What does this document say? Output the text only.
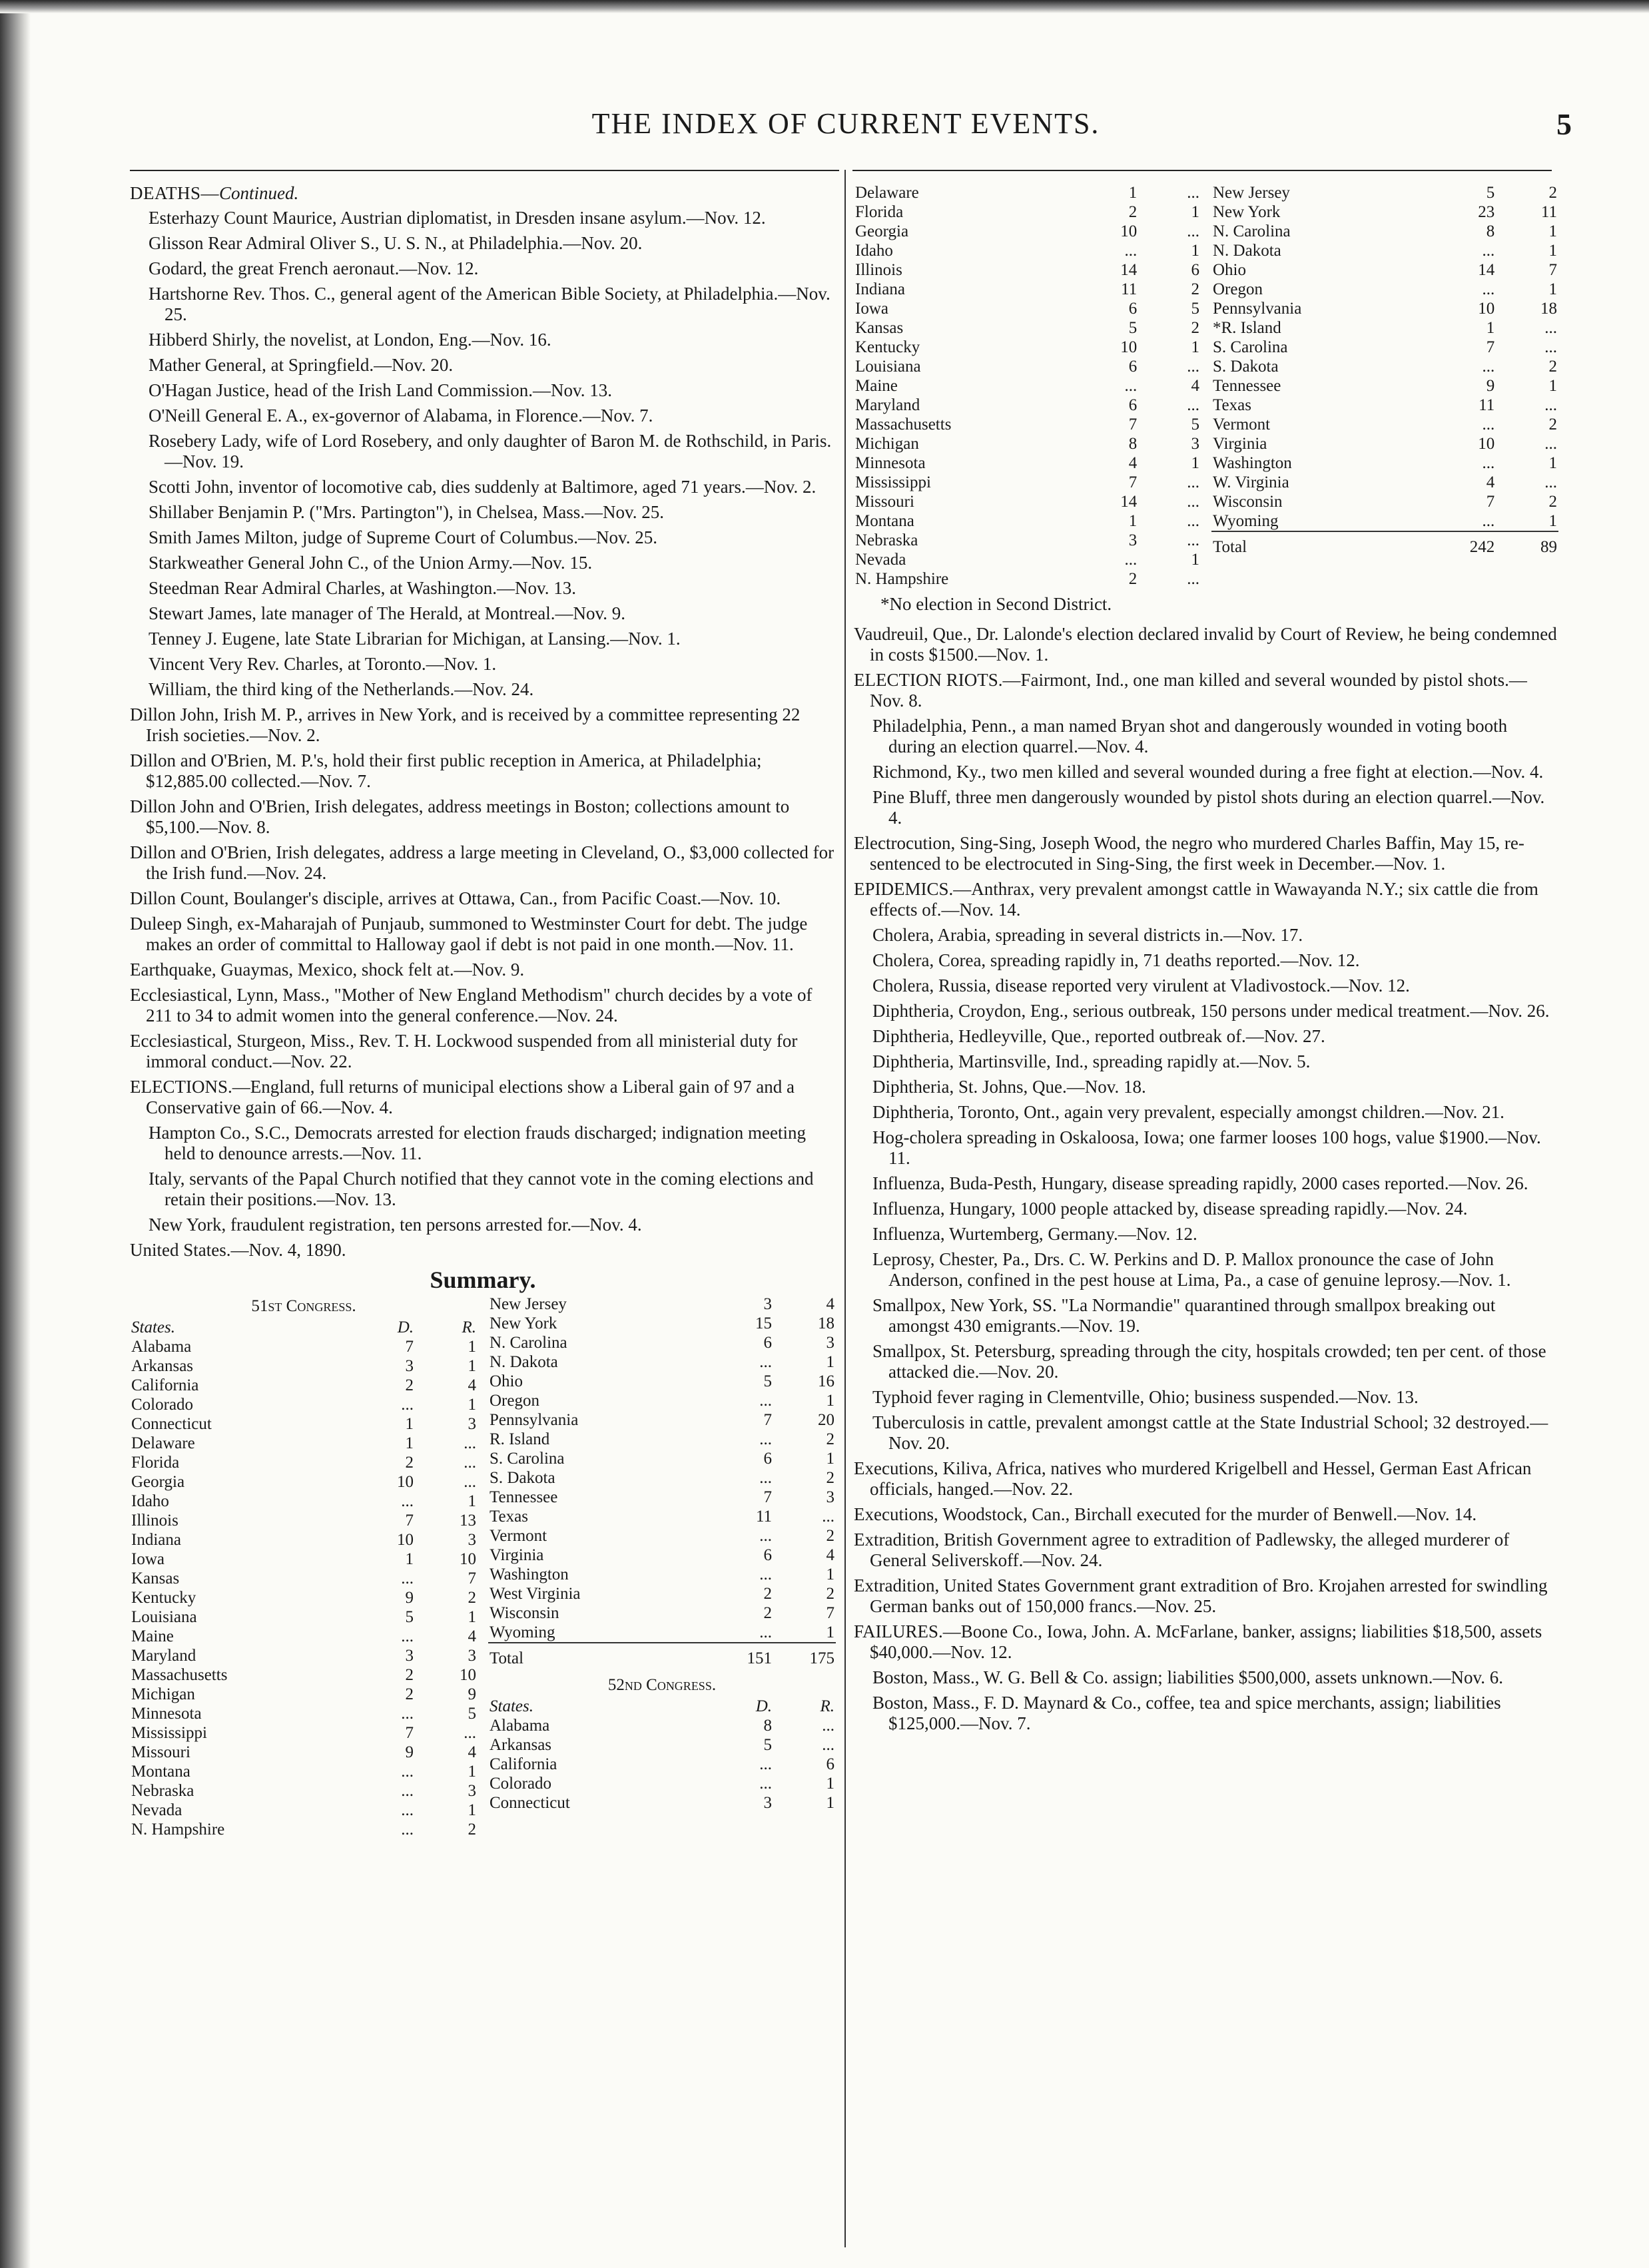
THE INDEX OF CURRENT EVENTS.	5
DEATHS—Continued.
Esterhazy Count Maurice, Austrian diplomatist, in Dresden insane asylum.—Nov. 12.
Glisson Rear Admiral Oliver S., U. S. N., at Philadelphia.—Nov. 20.
Godard, the great French aeronaut.—Nov. 12.
Hartshorne Rev. Thos. C., general agent of the American Bible Society, at Philadelphia.—Nov. 25.
Hibberd Shirly, the novelist, at London, Eng.—Nov. 16.
Mather General, at Springfield.—Nov. 20.
O'Hagan Justice, head of the Irish Land Commission.—Nov. 13.
O'Neill General E. A., ex-governor of Alabama, in Florence.—Nov. 7.
Rosebery Lady, wife of Lord Rosebery, and only daughter of Baron M. de Rothschild, in Paris.—Nov. 19.
Scotti John, inventor of locomotive cab, dies suddenly at Baltimore, aged 71 years.—Nov. 2.
Shillaber Benjamin P. ("Mrs. Partington"), in Chelsea, Mass.—Nov. 25.
Smith James Milton, judge of Supreme Court of Columbus.—Nov. 25.
Starkweather General John C., of the Union Army.—Nov. 15.
Steedman Rear Admiral Charles, at Washington.—Nov. 13.
Stewart James, late manager of The Herald, at Montreal.—Nov. 9.
Tenney J. Eugene, late State Librarian for Michigan, at Lansing.—Nov. 1.
Vincent Very Rev. Charles, at Toronto.—Nov. 1.
William, the third king of the Netherlands.—Nov. 24.
Dillon John, Irish M. P., arrives in New York, and is received by a committee representing 22 Irish societies.—Nov. 2.
Dillon and O'Brien, M. P.'s, hold their first public reception in America, at Philadelphia; $12,885.00 collected.—Nov. 7.
Dillon John and O'Brien, Irish delegates, address meetings in Boston; collections amount to $5,100.—Nov. 8.
Dillon and O'Brien, Irish delegates, address a large meeting in Cleveland, O., $3,000 collected for the Irish fund.—Nov. 24.
Dillon Count, Boulanger's disciple, arrives at Ottawa, Can., from Pacific Coast.—Nov. 10.
Duleep Singh, ex-Maharajah of Punjaub, summoned to Westminster Court for debt. The judge makes an order of committal to Halloway gaol if debt is not paid in one month.—Nov. 11.
Earthquake, Guaymas, Mexico, shock felt at.—Nov. 9.
Ecclesiastical, Lynn, Mass., "Mother of New England Methodism" church decides by a vote of 211 to 34 to admit women into the general conference.—Nov. 24.
Ecclesiastical, Sturgeon, Miss., Rev. T. H. Lockwood suspended from all ministerial duty for immoral conduct.—Nov. 22.
ELECTIONS.—England, full returns of municipal elections show a Liberal gain of 97 and a Conservative gain of 66.—Nov. 4.
Hampton Co., S.C., Democrats arrested for election frauds discharged; indignation meeting held to denounce arrests.—Nov. 11.
Italy, servants of the Papal Church notified that they cannot vote in the coming elections and retain their positions.—Nov. 13.
New York, fraudulent registration, ten persons arrested for.—Nov. 4.
United States.—Nov. 4, 1890.
Summary.
51st Congress.
States.	D.	R.
Alabama	7	1
Arkansas	3	1
California	2	4
Colorado	...	1
Connecticut	1	3
Delaware	1	...
Florida	2	...
Georgia	10	...
Idaho	...	1
Illinois	7	13
Indiana	10	3
Iowa	1	10
Kansas	...	7
Kentucky	9	2
Louisiana	5	1
Maine	...	4
Maryland	3	3
Massachusetts	2	10
Michigan	2	9
Minnesota	...	5
Mississippi	7	...
Missouri	9	4
Montana	...	1
Nebraska	...	3
Nevada	...	1
N. Hampshire	...	2
New Jersey	3	4
New York	15	18
N. Carolina	6	3
N. Dakota	...	1
Ohio	5	16
Oregon	...	1
Pennsylvania	7	20
R. Island	...	2
S. Carolina	6	1
S. Dakota	...	2
Tennessee	7	3
Texas	11	...
Vermont	...	2
Virginia	6	4
Washington	...	1
West Virginia	2	2
Wisconsin	2	7
Wyoming	...	1
Total	151	175
52nd Congress.
States.	D.	R.
Alabama	8	...
Arkansas	5	...
California	...	6
Colorado	...	1
Connecticut	3	1
Delaware	1	...
Florida	2	1
Georgia	10	...
Idaho	...	1
Illinois	14	6
Indiana	11	2
Iowa	6	5
Kansas	5	2
Kentucky	10	1
Louisiana	6	...
Maine	...	4
Maryland	6	...
Massachusetts	7	5
Michigan	8	3
Minnesota	4	1
Mississippi	7	...
Missouri	14	...
Montana	1	...
Nebraska	3	...
Nevada	...	1
N. Hampshire	2	...
New Jersey	5	2
New York	23	11
N. Carolina	8	1
N. Dakota	...	1
Ohio	14	7
Oregon	...	1
Pennsylvania	10	18
*R. Island	1	...
S. Carolina	7	...
S. Dakota	...	2
Tennessee	9	1
Texas	11	...
Vermont	...	2
Virginia	10	...
Washington	...	1
W. Virginia	4	...
Wisconsin	7	2
Wyoming	...	1
Total	242	89
*No election in Second District.
Vaudreuil, Que., Dr. Lalonde's election declared invalid by Court of Review, he being condemned in costs $1500.—Nov. 1.
ELECTION RIOTS.—Fairmont, Ind., one man killed and several wounded by pistol shots.—Nov. 8.
Philadelphia, Penn., a man named Bryan shot and dangerously wounded in voting booth during an election quarrel.—Nov. 4.
Richmond, Ky., two men killed and several wounded during a free fight at election.—Nov. 4.
Pine Bluff, three men dangerously wounded by pistol shots during an election quarrel.—Nov. 4.
Electrocution, Sing-Sing, Joseph Wood, the negro who murdered Charles Baffin, May 15, re-sentenced to be electrocuted in Sing-Sing, the first week in December.—Nov. 1.
EPIDEMICS.—Anthrax, very prevalent amongst cattle in Wawayanda N.Y.; six cattle die from effects of.—Nov. 14.
Cholera, Arabia, spreading in several districts in.—Nov. 17.
Cholera, Corea, spreading rapidly in, 71 deaths reported.—Nov. 12.
Cholera, Russia, disease reported very virulent at Vladivostock.—Nov. 12.
Diphtheria, Croydon, Eng., serious outbreak, 150 persons under medical treatment.—Nov. 26.
Diphtheria, Hedleyville, Que., reported outbreak of.—Nov. 27.
Diphtheria, Martinsville, Ind., spreading rapidly at.—Nov. 5.
Diphtheria, St. Johns, Que.—Nov. 18.
Diphtheria, Toronto, Ont., again very prevalent, especially amongst children.—Nov. 21.
Hog-cholera spreading in Oskaloosa, Iowa; one farmer looses 100 hogs, value $1900.—Nov. 11.
Influenza, Buda-Pesth, Hungary, disease spreading rapidly, 2000 cases reported.—Nov. 26.
Influenza, Hungary, 1000 people attacked by, disease spreading rapidly.—Nov. 24.
Influenza, Wurtemberg, Germany.—Nov. 12.
Leprosy, Chester, Pa., Drs. C. W. Perkins and D. P. Mallox pronounce the case of John Anderson, confined in the pest house at Lima, Pa., a case of genuine leprosy.—Nov. 1.
Smallpox, New York, SS. "La Normandie" quarantined through smallpox breaking out amongst 430 emigrants.—Nov. 19.
Smallpox, St. Petersburg, spreading through the city, hospitals crowded; ten per cent. of those attacked die.—Nov. 20.
Typhoid fever raging in Clementville, Ohio; business suspended.—Nov. 13.
Tuberculosis in cattle, prevalent amongst cattle at the State Industrial School; 32 destroyed.—Nov. 20.
Executions, Kiliva, Africa, natives who murdered Krigelbell and Hessel, German East African officials, hanged.—Nov. 22.
Executions, Woodstock, Can., Birchall executed for the murder of Benwell.—Nov. 14.
Extradition, British Government agree to extradition of Padlewsky, the alleged murderer of General Seliverskoff.—Nov. 24.
Extradition, United States Government grant extradition of Bro. Krojahen arrested for swindling German banks out of 150,000 francs.—Nov. 25.
FAILURES.—Boone Co., Iowa, John. A. McFarlane, banker, assigns; liabilities $18,500, assets $40,000.—Nov. 12.
Boston, Mass., W. G. Bell & Co. assign; liabilities $500,000, assets unknown.—Nov. 6.
Boston, Mass., F. D. Maynard & Co., coffee, tea and spice merchants, assign; liabilities $125,000.—Nov. 7.
